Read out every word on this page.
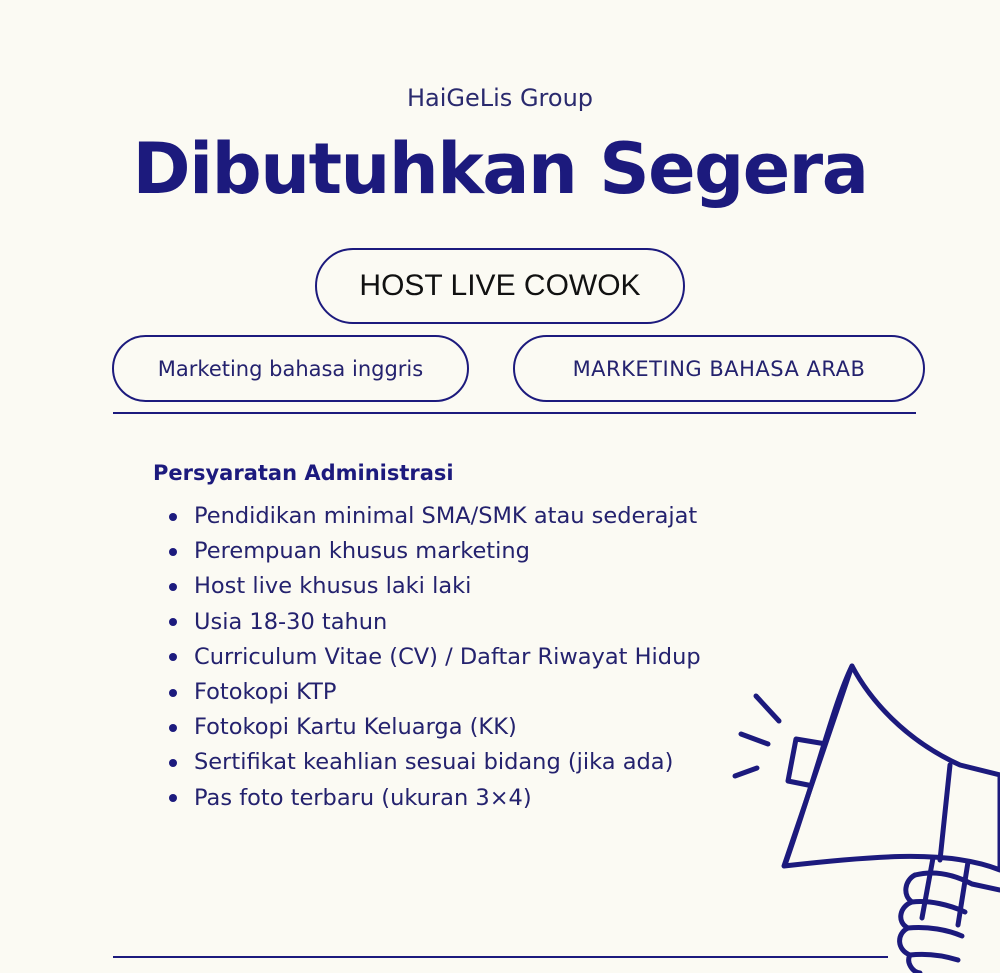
HaiGeLis Group
Dibutuhkan Segera
HOST LIVE COWOK
Marketing bahasa inggris	MARKETING BAHASA ARAB
Persyaratan Administrasi
Pendidikan minimal SMA/SMK atau sederajat
Perempuan khusus marketing
Host live khusus laki laki
Usia 18-30 tahun
Curriculum Vitae (CV) / Daftar Riwayat Hidup
Fotokopi KTP
Fotokopi Kartu Keluarga (KK)
Sertifikat keahlian sesuai bidang (jika ada)
Pas foto terbaru (ukuran 3×4)
